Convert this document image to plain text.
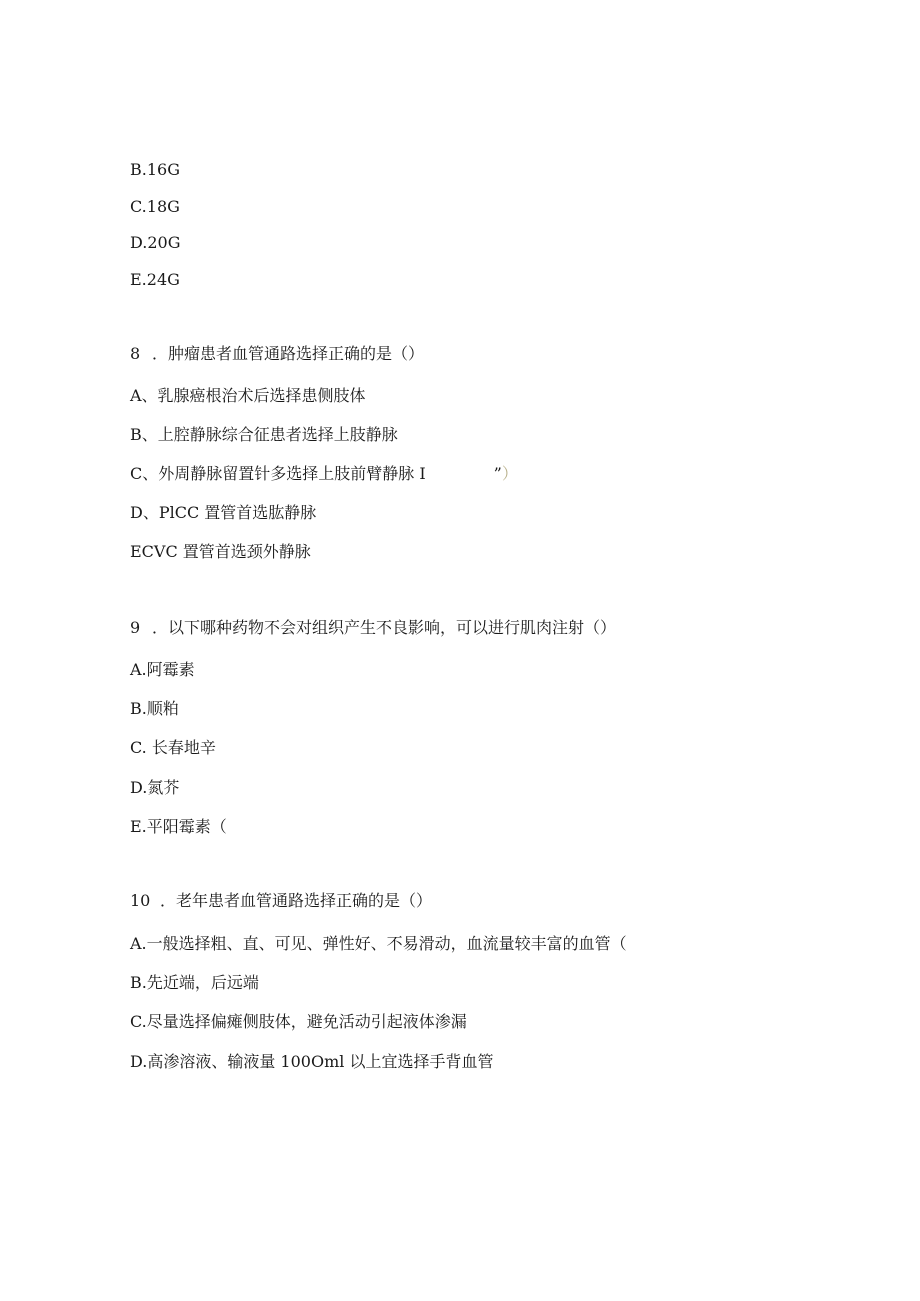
B.16G
C.18G
D.20G
E.24G
8 ．肿瘤患者血管通路选择正确的是（）
A、乳腺癌根治术后选择患侧肢体
B、上腔静脉综合征患者选择上肢静脉
C、外周静脉留置针多选择上肢前臂静脉 I	”）
D、PlCC 置管首选肱静脉
ECVC 置管首选颈外静脉
9 ．以下哪种药物不会对组织产生不良影响，可以进行肌肉注射（）
A.阿霉素
B.顺粕
C. 长春地辛
D.氮芥
E.平阳霉素（
10 ．老年患者血管通路选择正确的是（）
A.一般选择粗、直、可见、弹性好、不易滑动，血流量较丰富的血管（
B.先近端，后远端
C.尽量选择偏瘫侧肢体，避免活动引起液体渗漏
D.高渗溶液、输液量 100Oml 以上宜选择手背血管
